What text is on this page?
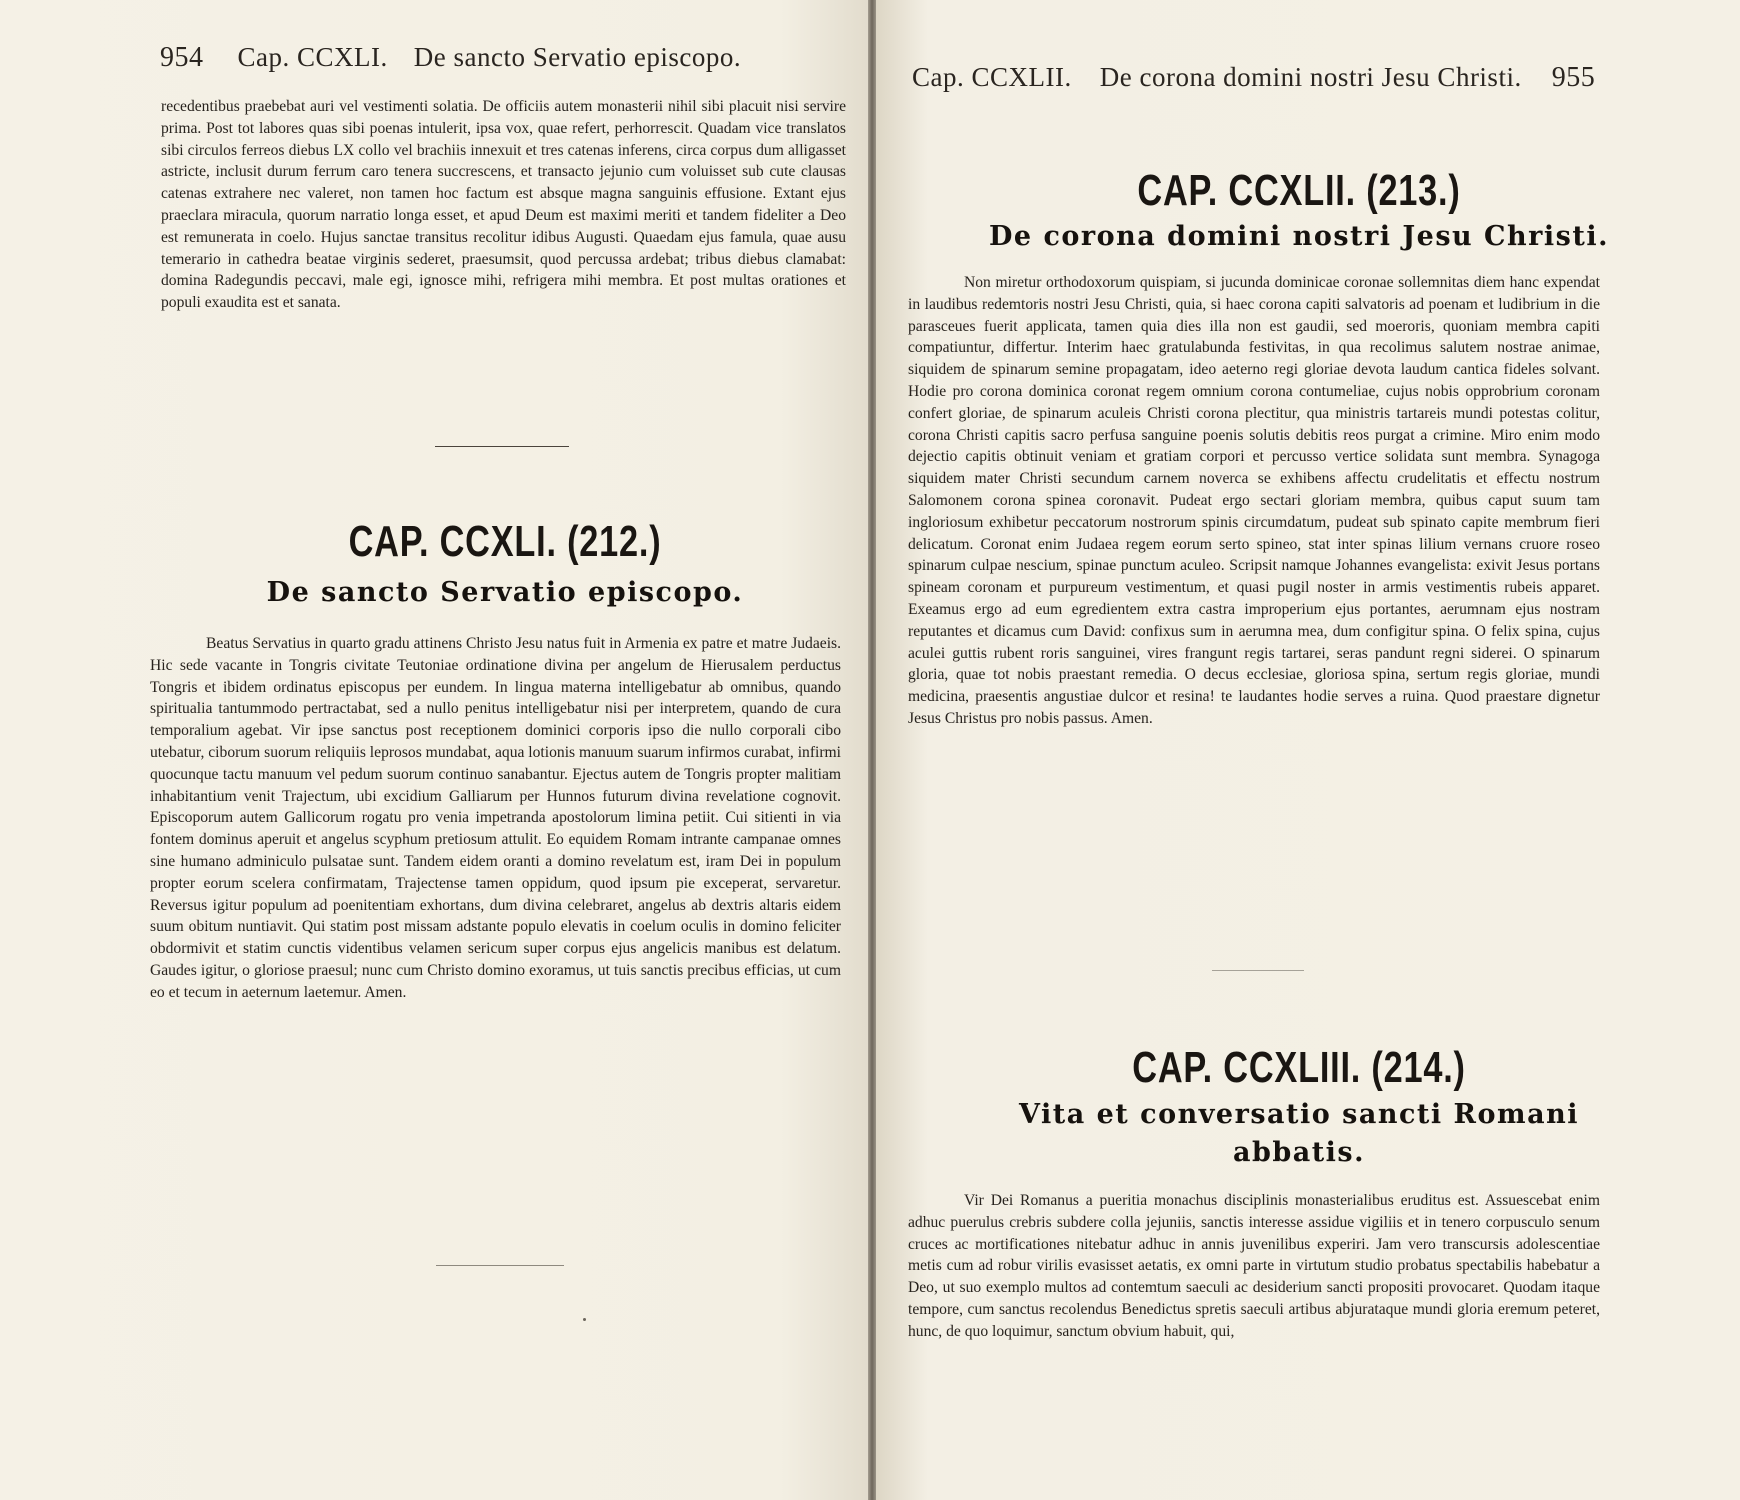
954 Cap. CCXLI. De sancto Servatio episcopo.

recedentibus praebebat auri vel vestimenti solatia. De officiis autem monasterii nihil sibi placuit nisi servire prima. Post tot labores quas sibi poenas intulerit, ipsa vox, quae refert, perhorrescit. Quadam vice translatos sibi circulos ferreos diebus LX collo vel brachiis innexuit et tres catenas inferens, circa corpus dum alligasset astricte, inclusit durum ferrum caro tenera succrescens, et transacto jejunio cum voluisset sub cute clausas catenas extrahere nec valeret, non tamen hoc factum est absque magna sanguinis effusione. Extant ejus praeclara miracula, quorum narratio longa esset, et apud Deum est maximi meriti et tandem fideliter a Deo est remunerata in coelo. Hujus sanctae transitus recolitur idibus Augusti. Quaedam ejus famula, quae ausu temerario in cathedra beatae virginis sederet, praesumsit, quod percussa ardebat; tribus diebus clamabat: domina Radegundis peccavi, male egi, ignosce mihi, refrigera mihi membra. Et post multas orationes et populi exaudita est et sanata.

CAP. CCXLI. (212.)
De sancto Servatio episcopo.

Beatus Servatius in quarto gradu attinens Christo Jesu natus fuit in Armenia ex patre et matre Judaeis. Hic sede vacante in Tongris civitate Teutoniae ordinatione divina per angelum de Hierusalem perductus Tongris et ibidem ordinatus episcopus per eundem. In lingua materna intelligebatur ab omnibus, quando spiritualia tantummodo pertractabat, sed a nullo penitus intelligebatur nisi per interpretem, quando de cura temporalium agebat. Vir ipse sanctus post receptionem dominici corporis ipso die nullo corporali cibo utebatur, ciborum suorum reliquiis leprosos mundabat, aqua lotionis manuum suarum infirmos curabat, infirmi quocunque tactu manuum vel pedum suorum continuo sanabantur. Ejectus autem de Tongris propter malitiam inhabitantium venit Trajectum, ubi excidium Galliarum per Hunnos futurum divina revelatione cognovit. Episcoporum autem Gallicorum rogatu pro venia impetranda apostolorum limina petiit. Cui sitienti in via fontem dominus aperuit et angelus scyphum pretiosum attulit. Eo equidem Romam intrante campanae omnes sine humano adminiculo pulsatae sunt. Tandem eidem oranti a domino revelatum est, iram Dei in populum propter eorum scelera confirmatam, Trajectense tamen oppidum, quod ipsum pie exceperat, servaretur. Reversus igitur populum ad poenitentiam exhortans, dum divina celebraret, angelus ab dextris altaris eidem suum obitum nuntiavit. Qui statim post missam adstante populo elevatis in coelum oculis in domino feliciter obdormivit et statim cunctis videntibus velamen sericum super corpus ejus angelicis manibus est delatum. Gaudes igitur, o gloriose praesul; nunc cum Christo domino exoramus, ut tuis sanctis precibus efficias, ut cum eo et tecum in aeternum laetemur. Amen.

Cap. CCXLII. De corona domini nostri Jesu Christi. 955
CAP. CCXLII. (213.)
De corona domini nostri Jesu Christi.

Non miretur orthodoxorum quispiam, si jucunda dominicae coronae sollemnitas diem hanc expendat in laudibus redemtoris nostri Jesu Christi, quia, si haec corona capiti salvatoris ad poenam et ludibrium in die parasceues fuerit applicata, tamen quia dies illa non est gaudii, sed moeroris, quoniam membra capiti compatiuntur, differtur. Interim haec gratulabunda festivitas, in qua recolimus salutem nostrae animae, siquidem de spinarum semine propagatam, ideo aeterno regi gloriae devota laudum cantica fideles solvant. Hodie pro corona dominica coronat regem omnium corona contumeliae, cujus nobis opprobrium coronam confert gloriae, de spinarum aculeis Christi corona plectitur, qua ministris tartareis mundi potestas colitur, corona Christi capitis sacro perfusa sanguine poenis solutis debitis reos purgat a crimine. Miro enim modo dejectio capitis obtinuit veniam et gratiam corpori et percusso vertice solidata sunt membra. Synagoga siquidem mater Christi secundum carnem noverca se exhibens affectu crudelitatis et effectu nostrum Salomonem corona spinea coronavit. Pudeat ergo sectari gloriam membra, quibus caput suum tam ingloriosum exhibetur peccatorum nostrorum spinis circumdatum, pudeat sub spinato capite membrum fieri delicatum. Coronat enim Judaea regem eorum serto spineo, stat inter spinas lilium vernans cruore roseo spinarum culpae nescium, spinae punctum aculeo. Scripsit namque Johannes evangelista: exivit Jesus portans spineam coronam et purpureum vestimentum, et quasi pugil noster in armis vestimentis rubeis apparet. Exeamus ergo ad eum egredientem extra castra improperium ejus portantes, aerumnam ejus nostram reputantes et dicamus cum David: confixus sum in aerumna mea, dum configitur spina. O felix spina, cujus aculei guttis rubent roris sanguinei, vires frangunt regis tartarei, seras pandunt regni siderei. O spinarum gloria, quae tot nobis praestant remedia. O decus ecclesiae, gloriosa spina, sertum regis gloriae, mundi medicina, praesentis angustiae dulcor et resina! te laudantes hodie serves a ruina. Quod praestare dignetur Jesus Christus pro nobis passus. Amen.

CAP. CCXLIII. (214.)
Vita et conversatio sancti Romani
abbatis.

Vir Dei Romanus a pueritia monachus disciplinis monasterialibus eruditus est. Assuescebat enim adhuc puerulus crebris subdere colla jejuniis, sanctis interesse assidue vigiliis et in tenero corpusculo senum cruces ac mortificationes nitebatur adhuc in annis juvenilibus experiri. Jam vero transcursis adolescentiae metis cum ad robur virilis evasisset aetatis, ex omni parte in virtutum studio probatus spectabilis habebatur a Deo, ut suo exemplo multos ad contemtum saeculi ac desiderium sancti propositi provocaret. Quodam itaque tempore, cum sanctus recolendus Benedictus spretis saeculi artibus abjurataque mundi gloria eremum peteret, hunc, de quo loquimur, sanctum obvium habuit, qui,
